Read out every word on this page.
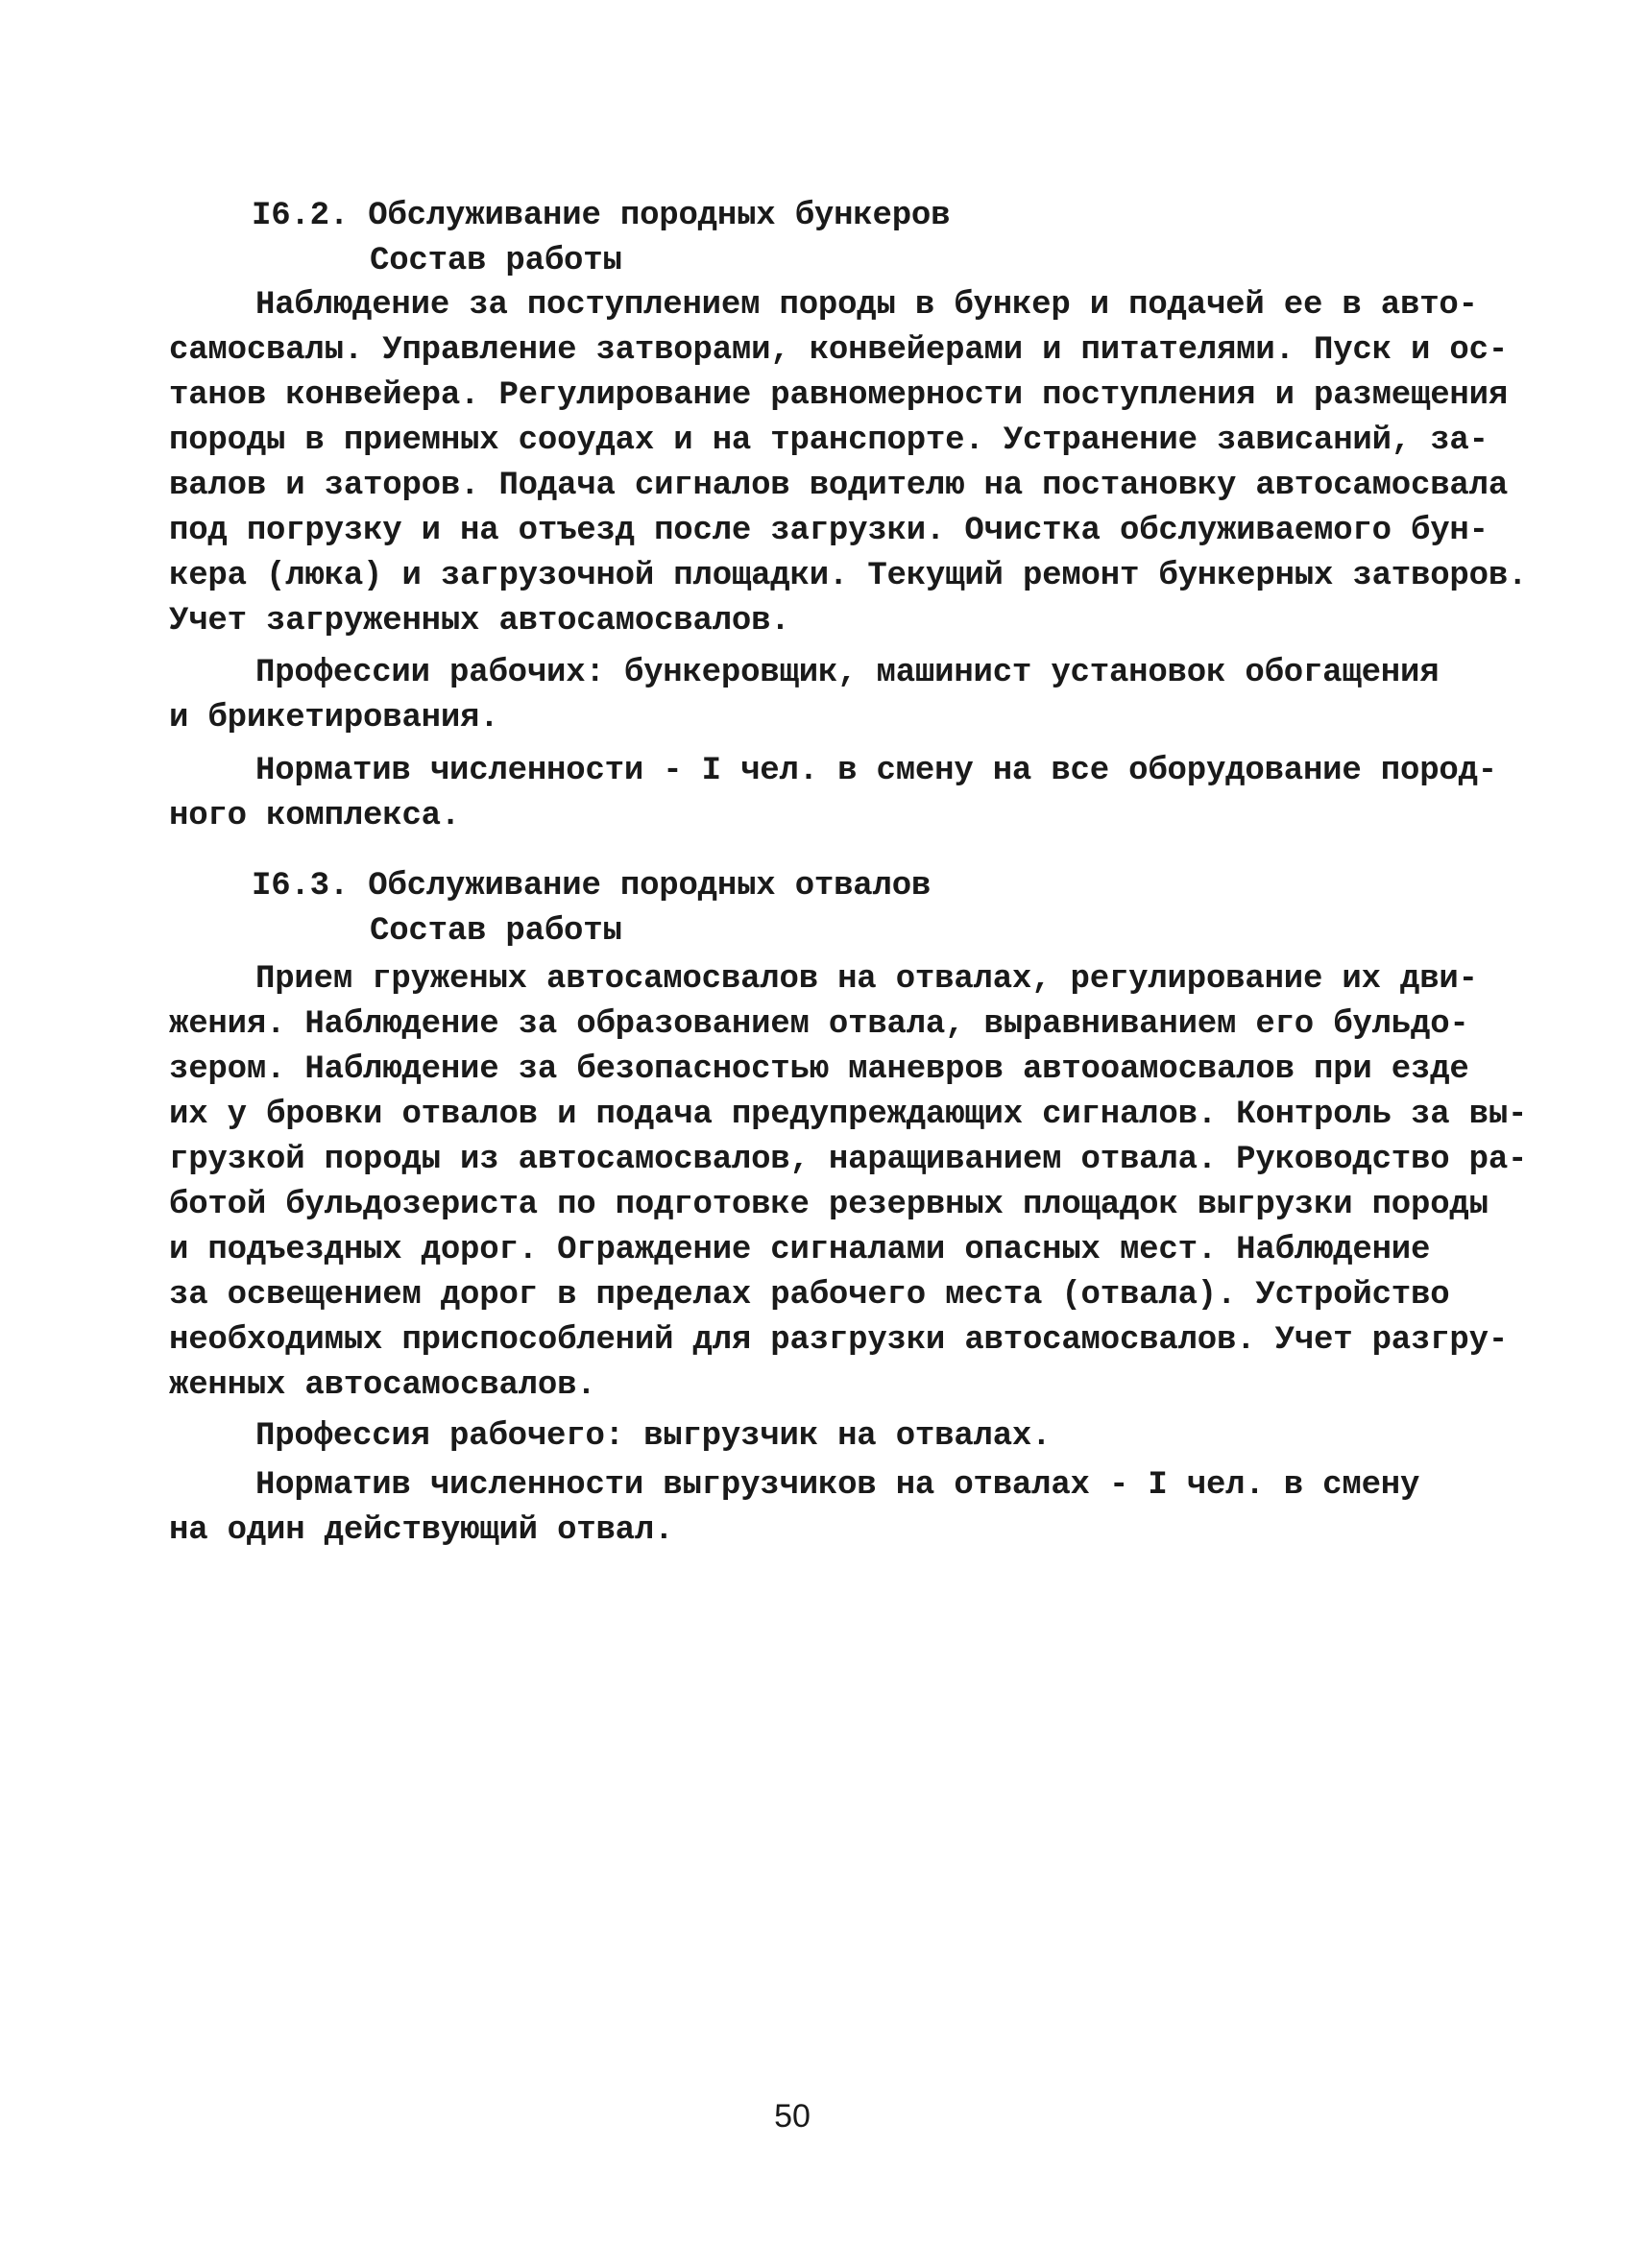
I6.2. Обслуживание породных бункеров
Состав работы
Наблюдение за поступлением породы в бункер и подачей ее в авто-
самосвалы. Управление затворами, конвейерами и питателями. Пуск и ос-
танов конвейера. Регулирование равномерности поступления и размещения
породы в приемных сооудах и на транспорте. Устранение зависаний, за-
валов и заторов. Подача сигналов водителю на постановку автосамосвала
под погрузку и на отъезд после загрузки. Очистка обслуживаемого бун-
кера (люка) и загрузочной площадки. Текущий ремонт бункерных затворов.
Учет загруженных автосамосвалов.
Профессии рабочих: бункеровщик, машинист установок обогащения
и брикетирования.
Норматив численности - I чел. в смену на все оборудование пород-
ного комплекса.
I6.3. Обслуживание породных отвалов
Состав работы
Прием груженых автосамосвалов на отвалах, регулирование их дви-
жения. Наблюдение за образованием отвала, выравниванием его бульдо-
зером. Наблюдение за безопасностью маневров автоoамосвалов при езде
их у бровки отвалов и подача предупреждающих сигналов. Контроль за вы-
грузкой породы из автосамосвалов, наращиванием отвала. Руководство ра-
ботой бульдозериста по подготовке резервных площадок выгрузки породы
и подъездных дорог. Ограждение сигналами опасных мест. Наблюдение
за освещением дорог в пределах рабочего места (отвала). Устройство
необходимых приспособлений для разгрузки автосамосвалов. Учет разгру-
женных автосамосвалов.
Профессия рабочего: выгрузчик на отвалах.
Норматив численности выгрузчиков на отвалах - I чел. в смену
на один действующий отвал.
50
